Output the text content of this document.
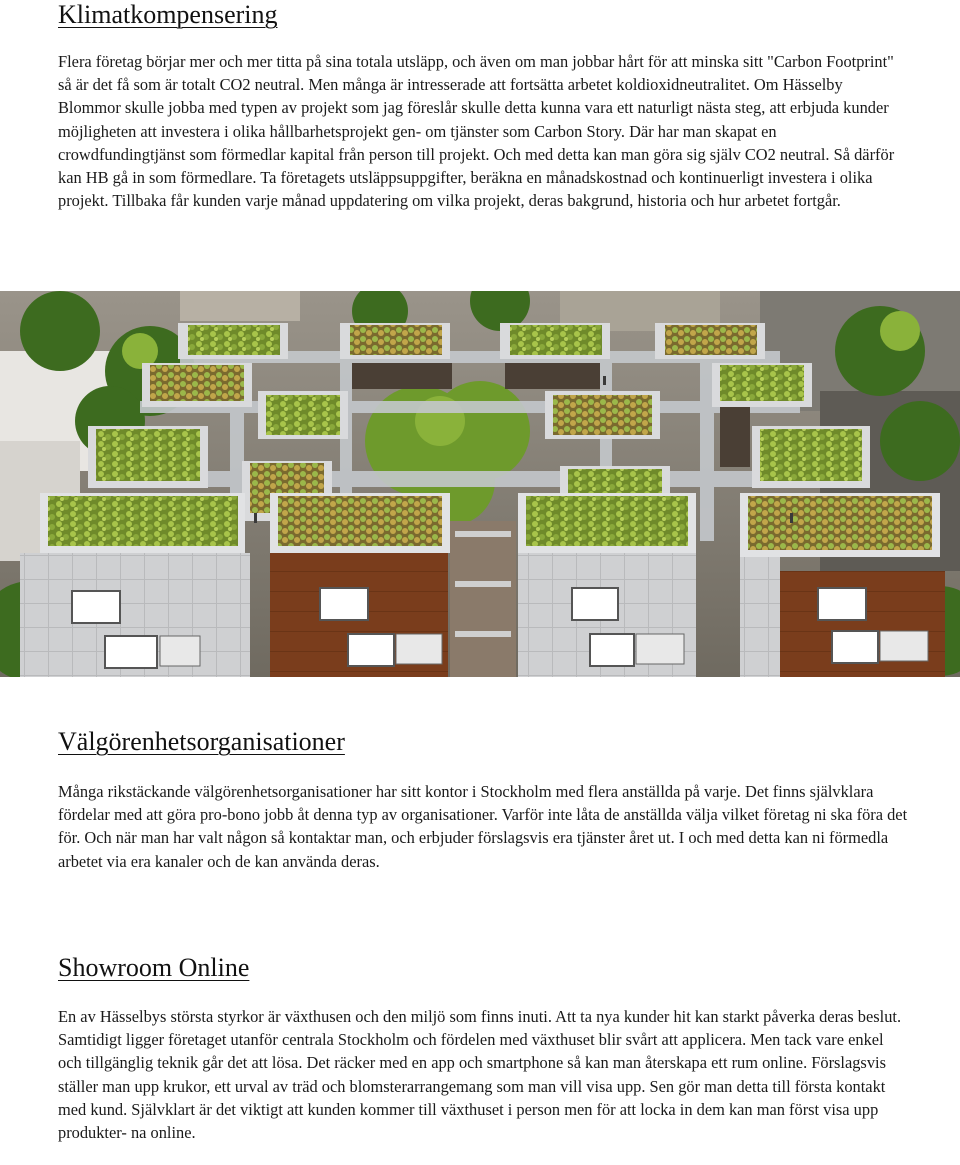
Klimatkompensering

Flera företag börjar mer och mer titta på sina totala utsläpp, och även om man jobbar hårt för att minska sitt "Carbon Footprint" så är det få som är totalt CO2 neutral. Men många är intresserade att fortsätta arbetet koldioxidneutralitet. Om Hässelby Blommor skulle jobba med typen av projekt som jag föreslår skulle detta kunna vara ett naturligt nästa steg, att erbjuda kunder möjligheten att investera i olika hållbarhetsprojekt gen- om tjänster som Carbon Story. Där har man skapat en crowdfundingtjänst som förmedlar kapital från person till projekt. Och med detta kan man göra sig själv CO2 neutral. Så därför kan HB gå in som förmedlare. Ta företagets utsläppsuppgifter, beräkna en månadskostnad och kontinuerligt investera i olika projekt. Tillbaka får kunden varje månad uppdatering om vilka projekt, deras bakgrund, historia och hur arbetet fortgår.

Välgörenhetsorganisationer

Många rikstäckande välgörenhetsorganisationer har sitt kontor i Stockholm med flera anställda på varje. Det finns självklara fördelar med att göra pro-bono jobb åt denna typ av organisationer. Varför inte låta de anställda välja vilket företag ni ska föra det för. Och när man har valt någon så kontaktar man, och erbjuder förslagsvis era tjänster året ut. I och med detta kan ni förmedla arbetet via era kanaler och de kan använda deras.

Showroom Online

En av Hässelbys största styrkor är växthusen och den miljö som finns inuti. Att ta nya kunder hit kan starkt påverka deras beslut. Samtidigt ligger företaget utanför centrala Stockholm och fördelen med växthuset blir svårt att applicera. Men tack vare enkel och tillgänglig teknik går det att lösa. Det räcker med en app och smartphone så kan man återskapa ett rum online. Förslagsvis ställer man upp krukor, ett urval av träd och blomsterarrangemang som man vill visa upp. Sen gör man detta till första kontakt med kund. Självklart är det viktigt att kunden kommer till växthuset i person men för att locka in dem kan man först visa upp produkter- na online.
